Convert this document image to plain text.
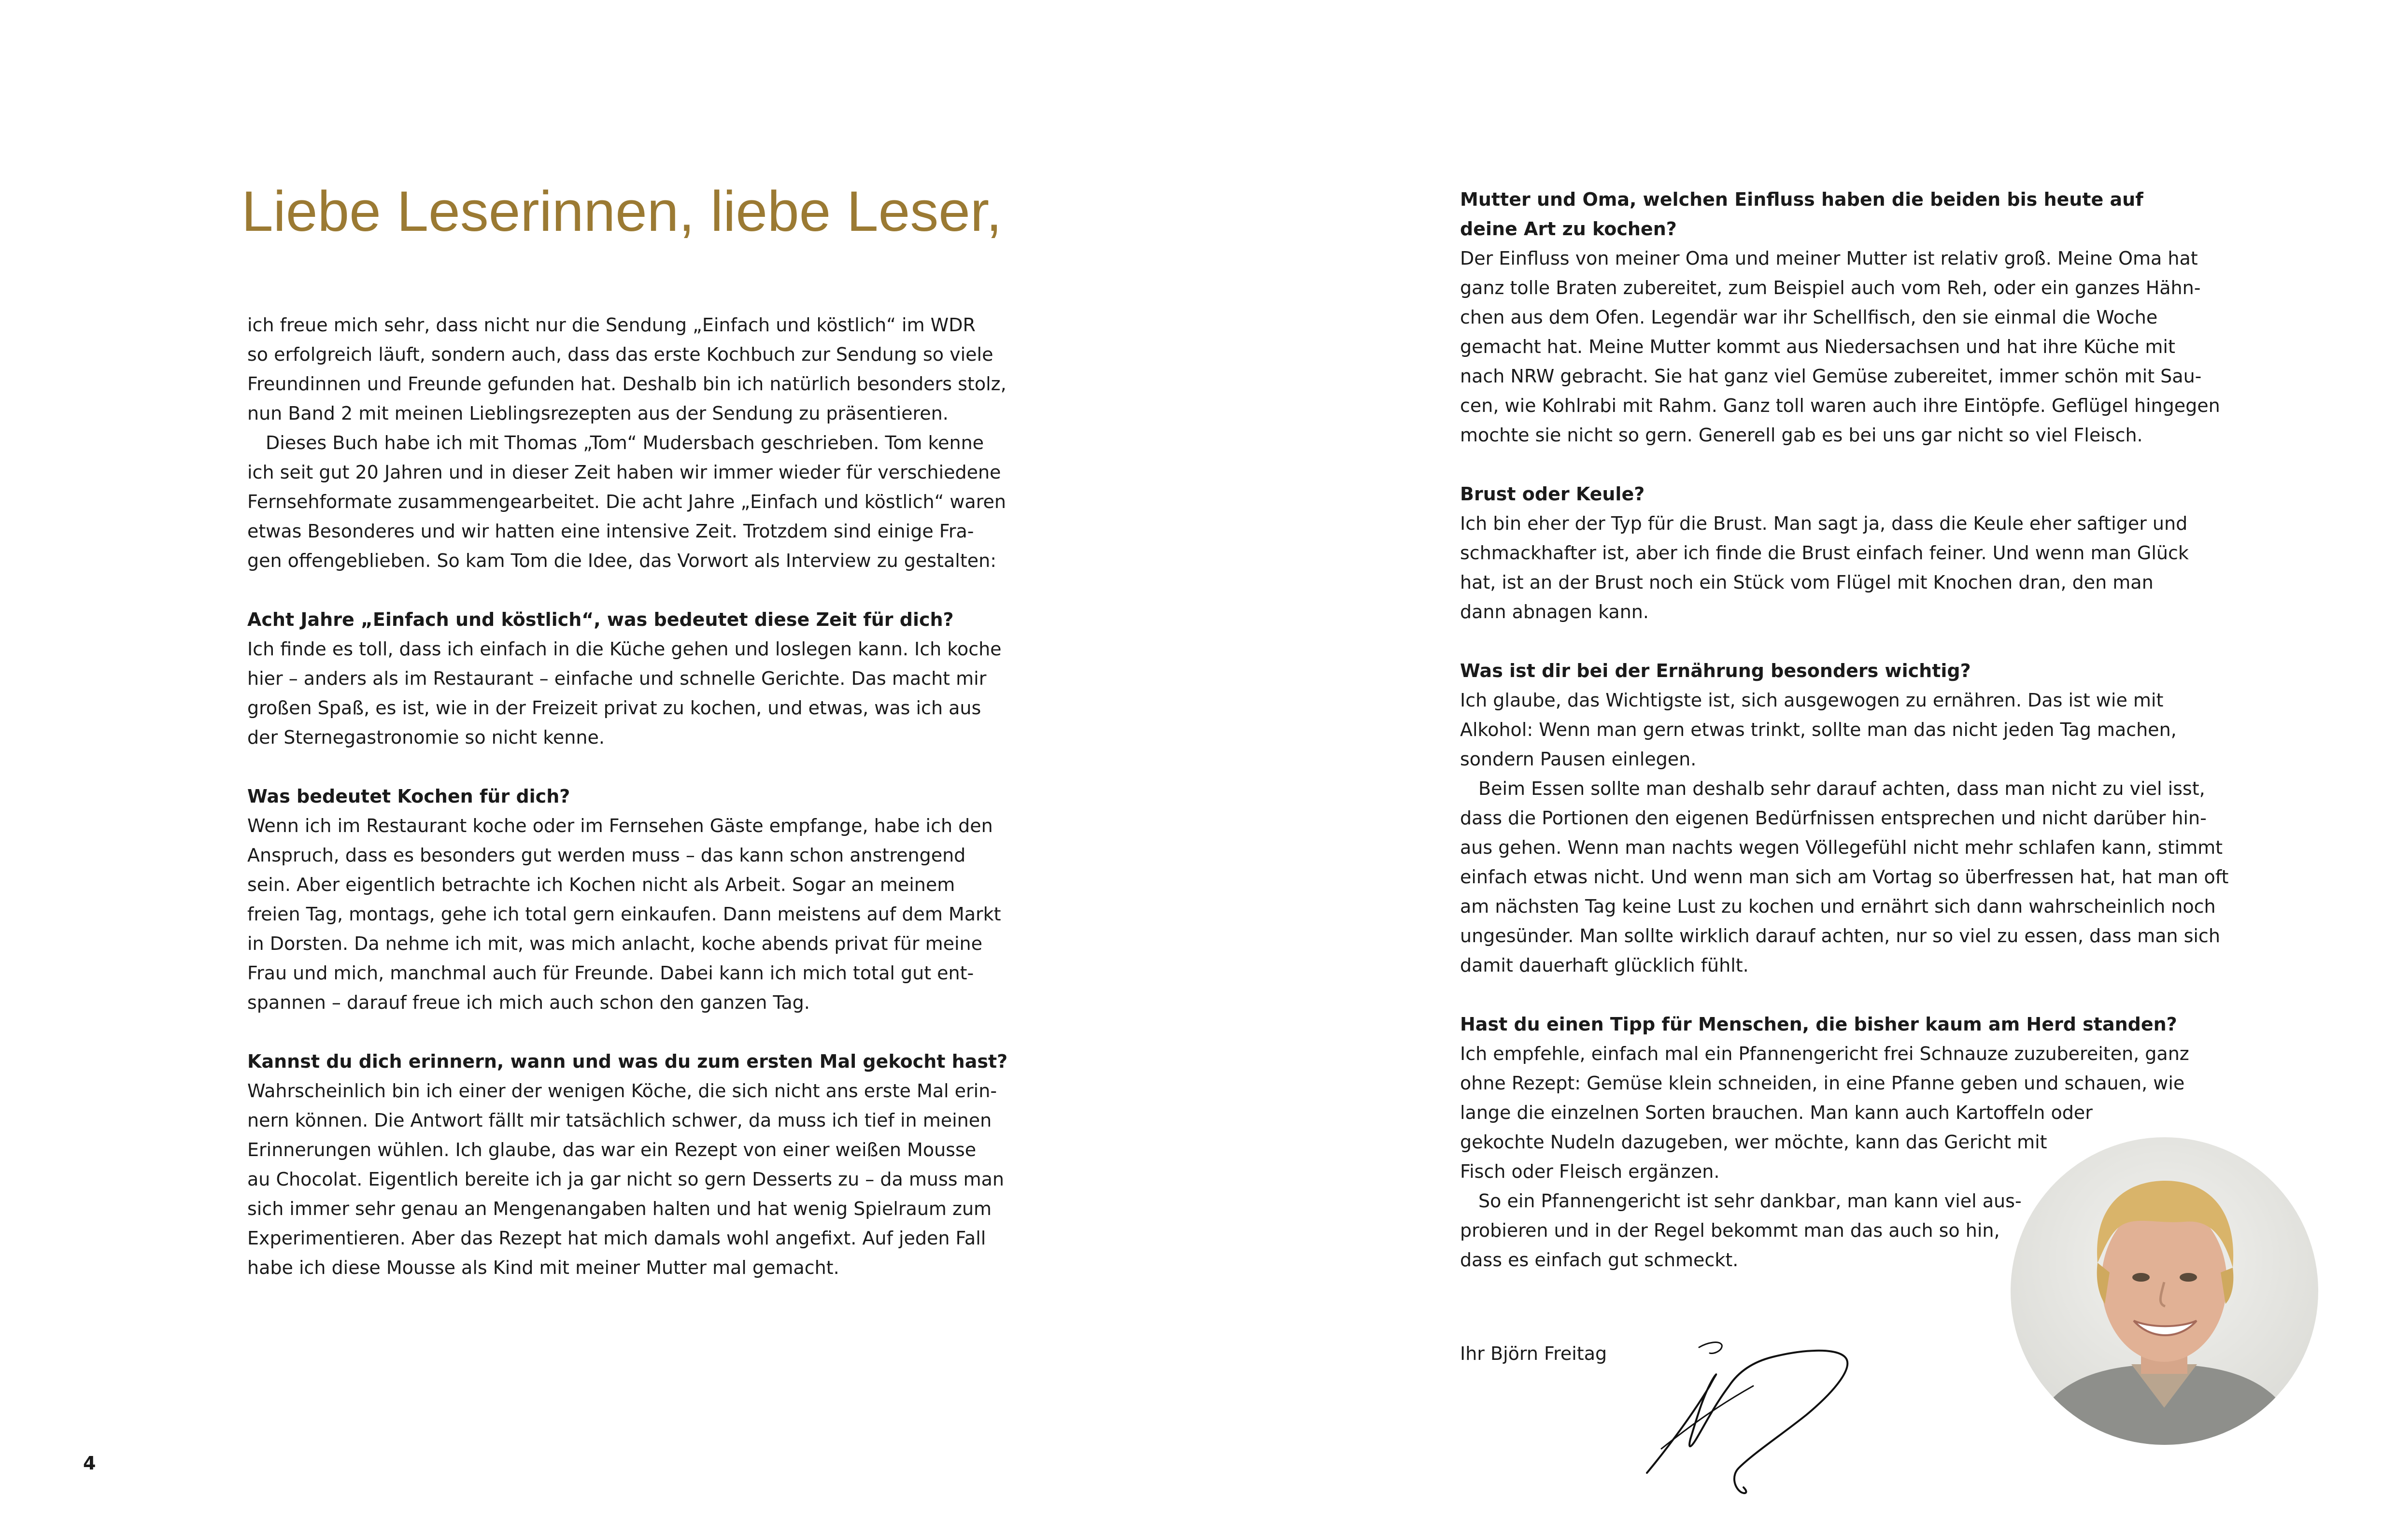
Liebe Leserinnen, liebe Leser,
ich freue mich sehr, dass nicht nur die Sendung „Einfach und köstlich“ im WDR
so erfolgreich läuft, sondern auch, dass das erste Kochbuch zur Sendung so viele
Freundinnen und Freunde gefunden hat. Deshalb bin ich natürlich besonders stolz,
nun Band 2 mit meinen Lieblingsrezepten aus der Sendung zu präsentieren.
Dieses Buch habe ich mit Thomas „Tom“ Mudersbach geschrieben. Tom kenne
ich seit gut 20 Jahren und in dieser Zeit haben wir immer wieder für verschiedene
Fernsehformate zusammengearbeitet. Die acht Jahre „Einfach und köstlich“ waren
etwas Besonderes und wir hatten eine intensive Zeit. Trotzdem sind einige Fra-
gen offengeblieben. So kam Tom die Idee, das Vorwort als Interview zu gestalten:
Acht Jahre „Einfach und köstlich“, was bedeutet diese Zeit für dich?
Ich finde es toll, dass ich einfach in die Küche gehen und loslegen kann. Ich koche
hier – anders als im Restaurant – einfache und schnelle Gerichte. Das macht mir
großen Spaß, es ist, wie in der Freizeit privat zu kochen, und etwas, was ich aus
der Sternegastronomie so nicht kenne.
Was bedeutet Kochen für dich?
Wenn ich im Restaurant koche oder im Fernsehen Gäste empfange, habe ich den
Anspruch, dass es besonders gut werden muss – das kann schon anstrengend
sein. Aber eigentlich betrachte ich Kochen nicht als Arbeit. Sogar an meinem
freien Tag, montags, gehe ich total gern einkaufen. Dann meistens auf dem Markt
in Dorsten. Da nehme ich mit, was mich anlacht, koche abends privat für meine
Frau und mich, manchmal auch für Freunde. Dabei kann ich mich total gut ent-
spannen – darauf freue ich mich auch schon den ganzen Tag.
Kannst du dich erinnern, wann und was du zum ersten Mal gekocht hast?
Wahrscheinlich bin ich einer der wenigen Köche, die sich nicht ans erste Mal erin-
nern können. Die Antwort fällt mir tatsächlich schwer, da muss ich tief in meinen
Erinnerungen wühlen. Ich glaube, das war ein Rezept von einer weißen Mousse
au Chocolat. Eigentlich bereite ich ja gar nicht so gern Desserts zu – da muss man
sich immer sehr genau an Mengenangaben halten und hat wenig Spielraum zum
Experimentieren. Aber das Rezept hat mich damals wohl angefixt. Auf jeden Fall
habe ich diese Mousse als Kind mit meiner Mutter mal gemacht.
Mutter und Oma, welchen Einfluss haben die beiden bis heute auf
deine Art zu kochen?
Der Einfluss von meiner Oma und meiner Mutter ist relativ groß. Meine Oma hat
ganz tolle Braten zubereitet, zum Beispiel auch vom Reh, oder ein ganzes Hähn-
chen aus dem Ofen. Legendär war ihr Schellfisch, den sie einmal die Woche
gemacht hat. Meine Mutter kommt aus Niedersachsen und hat ihre Küche mit
nach NRW gebracht. Sie hat ganz viel Gemüse zubereitet, immer schön mit Sau-
cen, wie Kohlrabi mit Rahm. Ganz toll waren auch ihre Eintöpfe. Geflügel hingegen
mochte sie nicht so gern. Generell gab es bei uns gar nicht so viel Fleisch.
Brust oder Keule?
Ich bin eher der Typ für die Brust. Man sagt ja, dass die Keule eher saftiger und
schmackhafter ist, aber ich finde die Brust einfach feiner. Und wenn man Glück
hat, ist an der Brust noch ein Stück vom Flügel mit Knochen dran, den man
dann abnagen kann.
Was ist dir bei der Ernährung besonders wichtig?
Ich glaube, das Wichtigste ist, sich ausgewogen zu ernähren. Das ist wie mit
Alkohol: Wenn man gern etwas trinkt, sollte man das nicht jeden Tag machen,
sondern Pausen einlegen.
Beim Essen sollte man deshalb sehr darauf achten, dass man nicht zu viel isst,
dass die Portionen den eigenen Bedürfnissen entsprechen und nicht darüber hin-
aus gehen. Wenn man nachts wegen Völlegefühl nicht mehr schlafen kann, stimmt
einfach etwas nicht. Und wenn man sich am Vortag so überfressen hat, hat man oft
am nächsten Tag keine Lust zu kochen und ernährt sich dann wahrscheinlich noch
ungesünder. Man sollte wirklich darauf achten, nur so viel zu essen, dass man sich
damit dauerhaft glücklich fühlt.
Hast du einen Tipp für Menschen, die bisher kaum am Herd standen?
Ich empfehle, einfach mal ein Pfannengericht frei Schnauze zuzubereiten, ganz
ohne Rezept: Gemüse klein schneiden, in eine Pfanne geben und schauen, wie
lange die einzelnen Sorten brauchen. Man kann auch Kartoffeln oder
gekochte Nudeln dazugeben, wer möchte, kann das Gericht mit
Fisch oder Fleisch ergänzen.
So ein Pfannengericht ist sehr dankbar, man kann viel aus-
probieren und in der Regel bekommt man das auch so hin,
dass es einfach gut schmeckt.
Ihr Björn Freitag
4
